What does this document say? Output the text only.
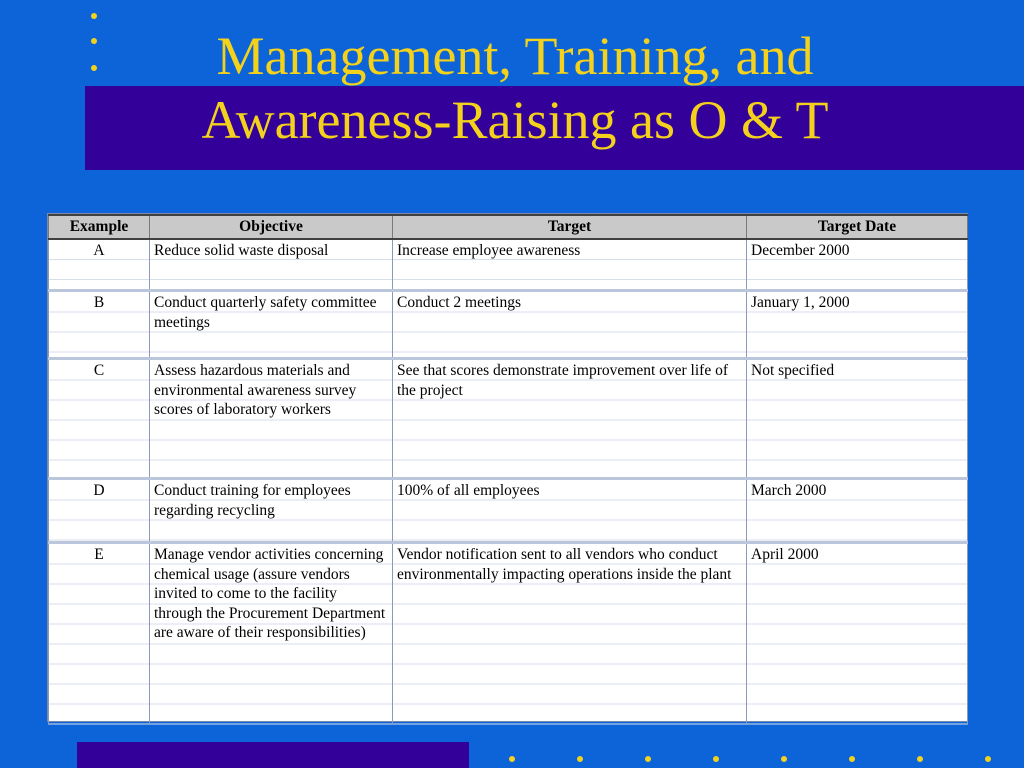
Management, Training, and
Awareness-Raising as O & T
Example	Objective	Target	Target Date
A	Reduce solid waste disposal	Increase employee awareness	December 2000
B	Conduct quarterly safety committee meetings	Conduct 2 meetings	January 1, 2000
C	Assess hazardous materials and environmental awareness survey scores of laboratory workers	See that scores demonstrate improvement over life of the project	Not specified
D	Conduct training for employees regarding recycling	100% of all employees	March 2000
E	Manage vendor activities concerning chemical usage (assure vendors invited to come to the facility through the Procurement Department are aware of their responsibilities)	Vendor notification sent to all vendors who conduct environmentally impacting operations inside the plant	April 2000
